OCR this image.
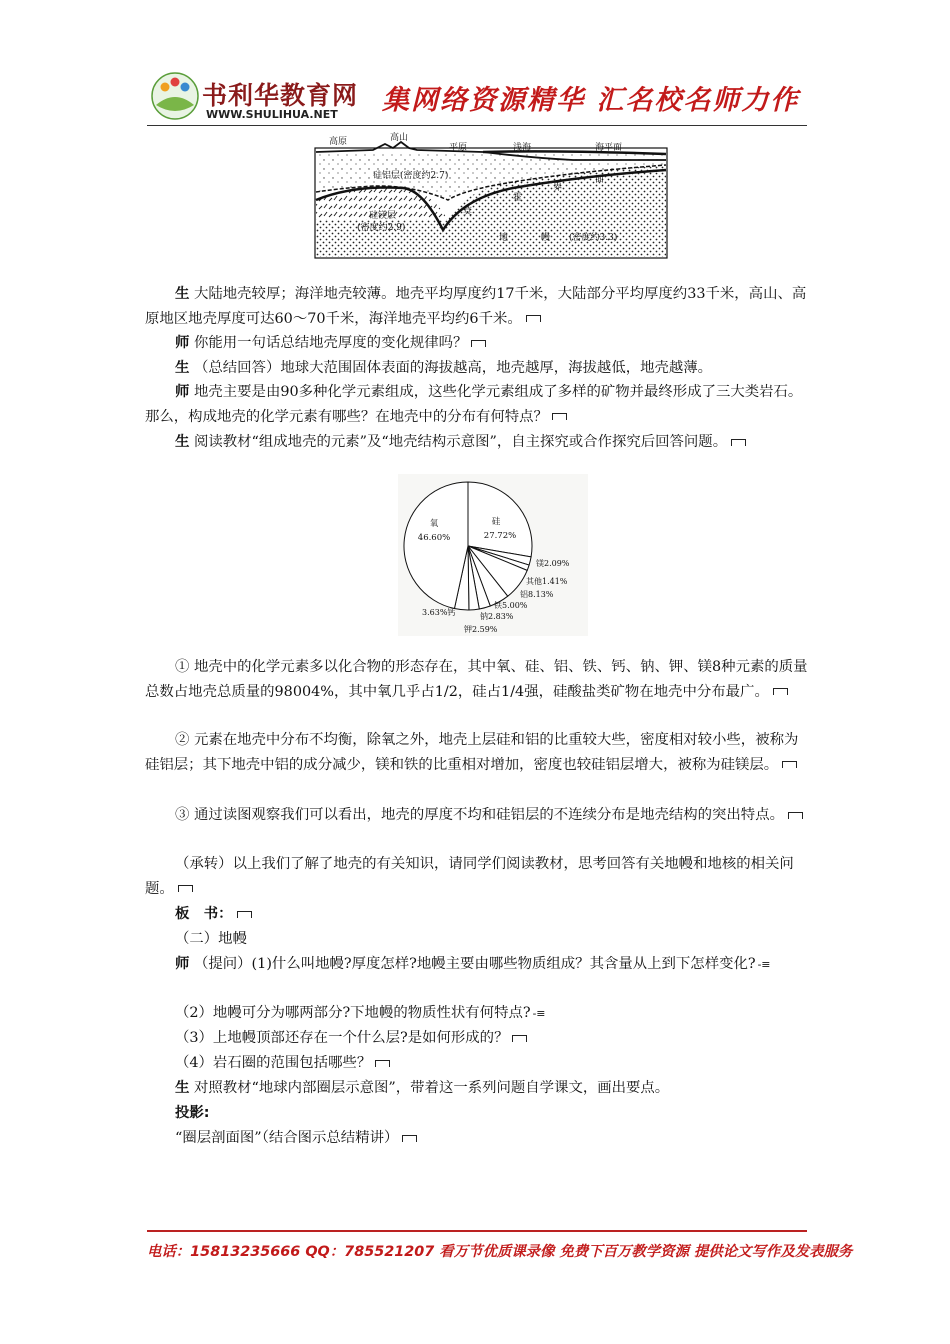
书利华教育网
WWW.SHULIHUA.NET 集网络资源精华 汇名校名师力作
高原	高山
平原	浅海	海平面
硅铝层(密度约2.7)
硅镁层
(密度约2.9)
莫
霍
界
面
地	幔 (密度约3.3)

生 大陆地壳较厚；海洋地壳较薄。地壳平均厚度约17千米，大陆部分平均厚度约33千米，高山、高原地区地壳厚度可达60～70千米，海洋地壳平均约6千米。

师 你能用一句话总结地壳厚度的变化规律吗？

生 （总结回答）地球大范围固体表面的海拔越高，地壳越厚，海拔越低，地壳越薄。

师 地壳主要是由90多种化学元素组成，这些化学元素组成了多样的矿物并最终形成了三大类岩石。那么，构成地壳的化学元素有哪些？在地壳中的分布有何特点？

生 阅读教材“组成地壳的元素”及“地壳结构示意图”，自主探究或合作探究后回答问题。

氧
46.60%
硅
27.72%
镁2.09%
其他1.41%
铝8.13%
铁5.00%
钠2.83%
钾2.59%
3.63%钙

① 地壳中的化学元素多以化合物的形态存在，其中氧、硅、铝、铁、钙、钠、钾、镁8种元素的质量总数占地壳总质量的98004%，其中氧几乎占1/2，硅占1/4强，硅酸盐类矿物在地壳中分布最广。

② 元素在地壳中分布不均衡，除氧之外，地壳上层硅和铝的比重较大些，密度相对较小些，被称为硅铝层；其下地壳中铝的成分减少，镁和铁的比重相对增加，密度也较硅铝层增大，被称为硅镁层。

③ 通过读图观察我们可以看出，地壳的厚度不均和硅铝层的不连续分布是地壳结构的突出特点。

（承转）以上我们了解了地壳的有关知识，请同学们阅读教材，思考回答有关地幔和地核的相关问题。

板　书：

（二）地幔

师 （提问）(1)什么叫地幔?厚度怎样?地幔主要由哪些物质组成？其含量从上到下怎样变化? -≡

（2）地幔可分为哪两部分?下地幔的物质性状有何特点? -≡

（3）上地幔顶部还存在一个什么层?是如何形成的？

（4）岩石圈的范围包括哪些？

生 对照教材“地球内部圈层示意图”，带着这一系列问题自学课文，画出要点。

投影:

“圈层剖面图”（结合图示总结精讲）

电话：15813235666 QQ：785521207 看万节优质课录像 免费下百万教学资源 提供论文写作及发表服务
